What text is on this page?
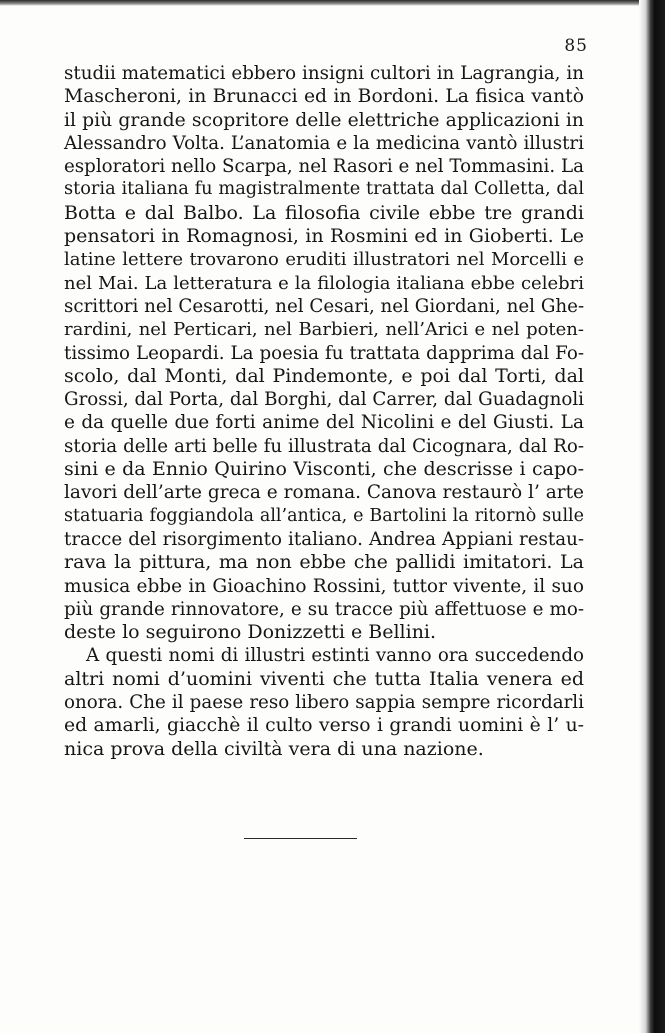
85
studii matematici ebbero insigni cultori in Lagrangia, in
Mascheroni, in Brunacci ed in Bordoni. La fisica vantò
il più grande scopritore delle elettriche applicazioni in
Alessandro Volta. L’anatomia e la medicina vantò illustri
esploratori nello Scarpa, nel Rasori e nel Tommasini. La
storia italiana fu magistralmente trattata dal Colletta, dal
Botta e dal Balbo. La filosofia civile ebbe tre grandi
pensatori in Romagnosi, in Rosmini ed in Gioberti. Le
latine lettere trovarono eruditi illustratori nel Morcelli e
nel Mai. La letteratura e la filologia italiana ebbe celebri
scrittori nel Cesarotti, nel Cesari, nel Giordani, nel Ghe-
rardini, nel Perticari, nel Barbieri, nell’Arici e nel poten-
tissimo Leopardi. La poesia fu trattata dapprima dal Fo-
scolo, dal Monti, dal Pindemonte, e poi dal Torti, dal
Grossi, dal Porta, dal Borghi, dal Carrer, dal Guadagnoli
e da quelle due forti anime del Nicolini e del Giusti. La
storia delle arti belle fu illustrata dal Cicognara, dal Ro-
sini e da Ennio Quirino Visconti, che descrisse i capo-
lavori dell’arte greca e romana. Canova restaurò l’ arte
statuaria foggiandola all’antica, e Bartolini la ritornò sulle
tracce del risorgimento italiano. Andrea Appiani restau-
rava la pittura, ma non ebbe che pallidi imitatori. La
musica ebbe in Gioachino Rossini, tuttor vivente, il suo
più grande rinnovatore, e su tracce più affettuose e mo-
deste lo seguirono Donizzetti e Bellini.
A questi nomi di illustri estinti vanno ora succedendo
altri nomi d’uomini viventi che tutta Italia venera ed
onora. Che il paese reso libero sappia sempre ricordarli
ed amarli, giacchè il culto verso i grandi uomini è l’ u-
nica prova della civiltà vera di una nazione.
